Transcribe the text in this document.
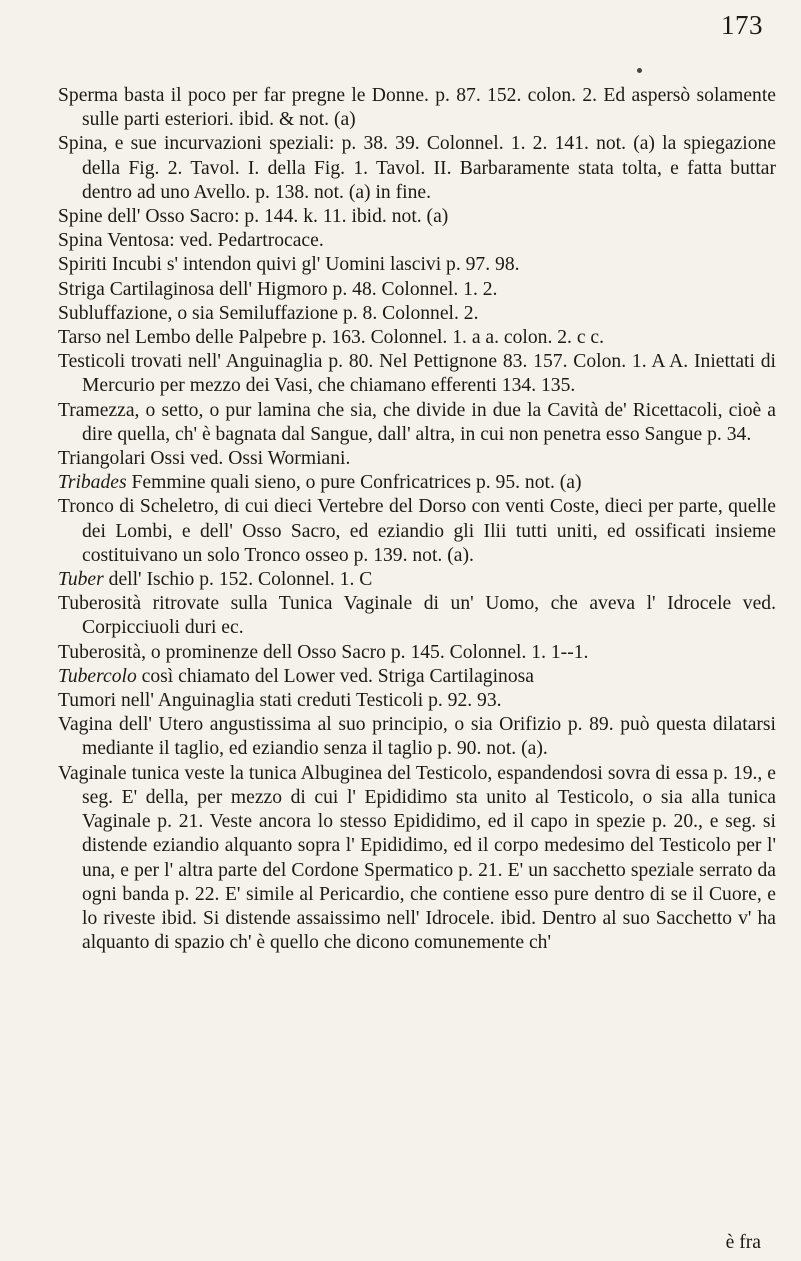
173

Sperma basta il poco per far pregne le Donne. p. 87. 152. colon. 2. Ed aspersò solamente sulle parti esteriori. ibid. & not. (a)

Spina, e sue incurvazioni speziali: p. 38. 39. Colonnel. 1. 2. 141. not. (a) la spiegazione della Fig. 2. Tavol. I. della Fig. 1. Tavol. II. Barbaramente stata tolta, e fatta buttar dentro ad uno Avello. p. 138. not. (a) in fine.

Spine dell' Osso Sacro: p. 144. k. 11. ibid. not. (a)

Spina Ventosa: ved. Pedartrocace.

Spiriti Incubi s' intendon quivi gl' Uomini lascivi p. 97. 98.

Striga Cartilaginosa dell' Higmoro p. 48. Colonnel. 1. 2.

Subluffazione, o sia Semiluffazione p. 8. Colonnel. 2.

Tarso nel Lembo delle Palpebre p. 163. Colonnel. 1. a a. colon. 2. c c.

Testicoli trovati nell' Anguinaglia p. 80. Nel Pettignone 83. 157. Colon. 1. A A. Iniettati di Mercurio per mezzo dei Vasi, che chiamano efferenti 134. 135.

Tramezza, o setto, o pur lamina che sia, che divide in due la Cavità de' Ricettacoli, cioè a dire quella, ch' è bagnata dal Sangue, dall' altra, in cui non penetra esso Sangue p. 34.

Triangolari Ossi ved. Ossi Wormiani.

Tribades Femmine quali sieno, o pure Confricatrices p. 95. not. (a)

Tronco di Scheletro, di cui dieci Vertebre del Dorso con venti Coste, dieci per parte, quelle dei Lombi, e dell' Osso Sacro, ed eziandio gli Ilii tutti uniti, ed ossificati insieme costituivano un solo Tronco osseo p. 139. not. (a).

Tuber dell' Ischio p. 152. Colonnel. 1. C

Tuberosità ritrovate sulla Tunica Vaginale di un' Uomo, che aveva l' Idrocele ved. Corpicciuoli duri ec.

Tuberosità, o prominenze dell Osso Sacro p. 145. Colonnel. 1. 1--1.

Tubercolo così chiamato del Lower ved. Striga Cartilaginosa

Tumori nell' Anguinaglia stati creduti Testicoli p. 92. 93.

Vagina dell' Utero angustissima al suo principio, o sia Orifizio p. 89. può questa dilatarsi mediante il taglio, ed eziandio senza il taglio p. 90. not. (a).

Vaginale tunica veste la tunica Albuginea del Testicolo, espandendosi sovra di essa p. 19., e seg. E' della, per mezzo di cui l' Epididimo sta unito al Testicolo, o sia alla tunica Vaginale p. 21. Veste ancora lo stesso Epididimo, ed il capo in spezie p. 20., e seg. si distende eziandio alquanto sopra l' Epididimo, ed il corpo medesimo del Testicolo per l' una, e per l' altra parte del Cordone Spermatico p. 21. E' un sacchetto speziale serrato da ogni banda p. 22. E' simile al Pericardio, che contiene esso pure dentro di se il Cuore, e lo riveste ibid. Si distende assaissimo nell' Idrocele. ibid. Dentro al suo Sacchetto v' ha alquanto di spazio ch' è quello che dicono comunemente ch'

è fra
